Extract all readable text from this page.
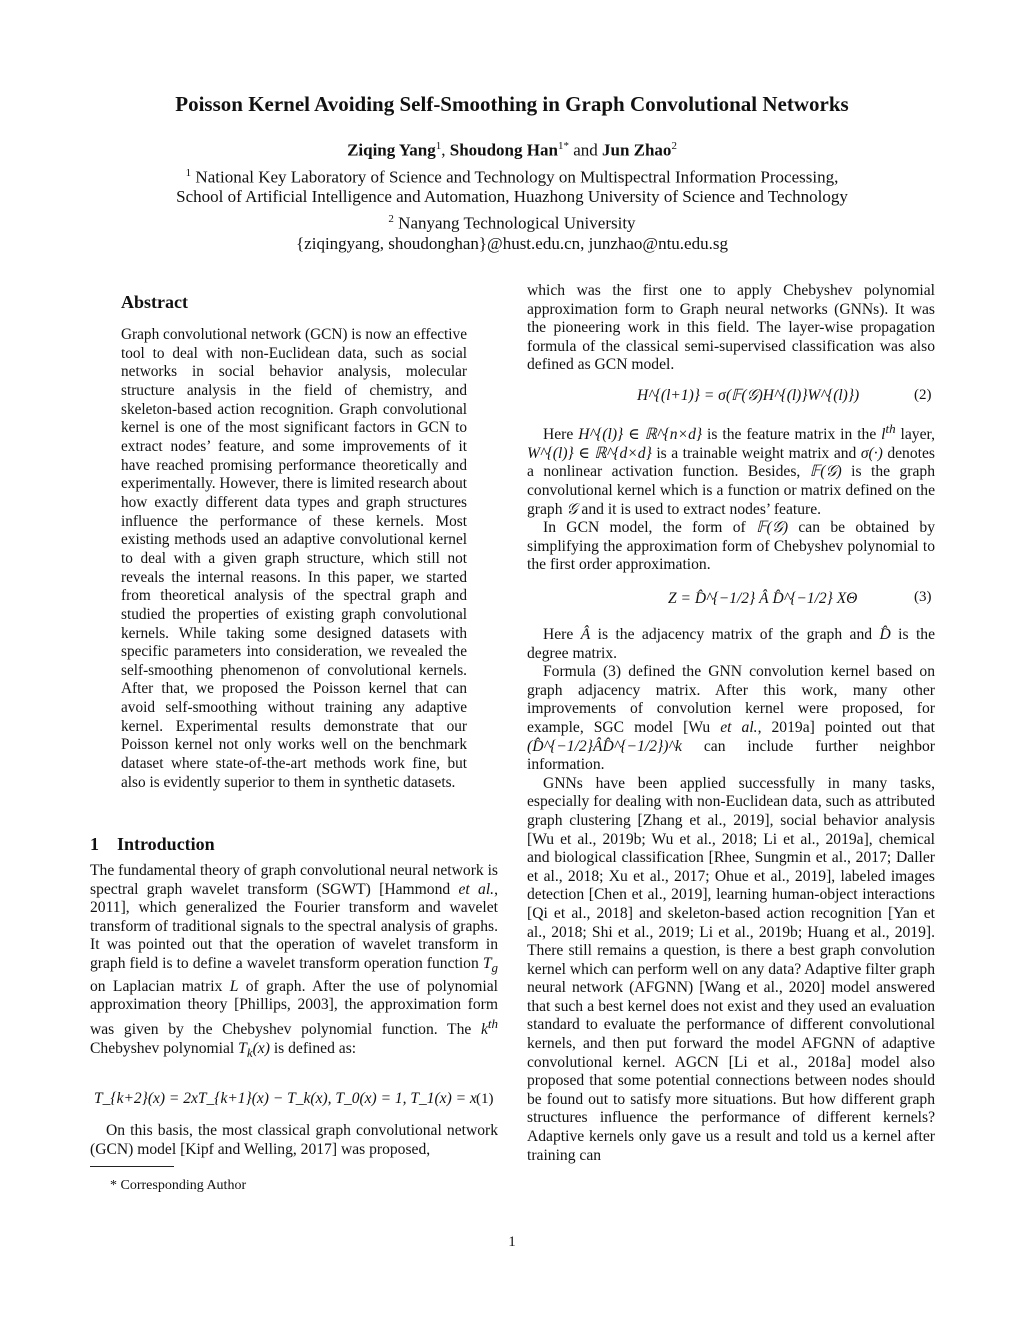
Poisson Kernel Avoiding Self-Smoothing in Graph Convolutional Networks
Ziqing Yang$^1$, Shoudong Han$^{1*}$ and Jun Zhao$^2$
$^1$ National Key Laboratory of Science and Technology on Multispectral Information Processing,
School of Artificial Intelligence and Automation, Huazhong University of Science and Technology
$^2$ Nanyang Technological University
{ziqingyang, shoudonghan}@hust.edu.cn, junzhao@ntu.edu.sg
Abstract

Graph convolutional network (GCN) is now an effective tool to deal with non-Euclidean data, such as social networks in social behavior analysis, molecular structure analysis in the field of chemistry, and skeleton-based action recognition. Graph convolutional kernel is one of the most significant factors in GCN to extract nodes’ feature, and some improvements of it have reached promising performance theoretically and experimentally. However, there is limited research about how exactly different data types and graph structures influence the performance of these kernels. Most existing methods used an adaptive convolutional kernel to deal with a given graph structure, which still not reveals the internal reasons. In this paper, we started from theoretical analysis of the spectral graph and studied the properties of existing graph convolutional kernels. While taking some designed datasets with specific parameters into consideration, we revealed the self-smoothing phenomenon of convolutional kernels. After that, we proposed the Poisson kernel that can avoid self-smoothing without training any adaptive kernel. Experimental results demonstrate that our Poisson kernel not only works well on the benchmark dataset where state-of-the-art methods work fine, but also is evidently superior to them in synthetic datasets.

1 Introduction

The fundamental theory of graph convolutional neural network is spectral graph wavelet transform (SGWT) [Hammond et al., 2011], which generalized the Fourier transform and wavelet transform of traditional signals to the spectral analysis of graphs. It was pointed out that the operation of wavelet transform in graph field is to define a wavelet transform operation function $T_g$ on Laplacian matrix L of graph. After the use of polynomial approximation theory [Phillips, 2003], the approximation form was given by the Chebyshev polynomial function. The $k^{th}$ Chebyshev polynomial $T_k(x)$ is defined as:

T_{k+2}(x) = 2xT_{k+1}(x) − T_k(x), T_0(x) = 1, T_1(x) = x (1)

On this basis, the most classical graph convolutional network (GCN) model [Kipf and Welling, 2017] was proposed,

* Corresponding Author

which was the first one to apply Chebyshev polynomial approximation form to Graph neural networks (GNNs). It was the pioneering work in this field. The layer-wise propagation formula of the classical semi-supervised classification was also defined as GCN model.

H^{(l+1)} = σ(𝔽(𝒢)H^{(l)}W^{(l)})	(2)

Here H^{(l)} ∈ ℝ^{n×d} is the feature matrix in the $l^{th}$ layer, W^{(l)} ∈ ℝ^{d×d} is a trainable weight matrix and σ(·) denotes a nonlinear activation function. Besides, 𝔽(𝒢) is the graph convolutional kernel which is a function or matrix defined on the graph 𝒢 and it is used to extract nodes’ feature.

In GCN model, the form of 𝔽(𝒢) can be obtained by simplifying the approximation form of Chebyshev polynomial to the first order approximation.

Z = D̂^{−1/2} Â D̂^{−1/2} XΘ	(3)

Here Â is the adjacency matrix of the graph and D̂ is the degree matrix.

Formula (3) defined the GNN convolution kernel based on graph adjacency matrix. After this work, many other improvements of convolution kernel were proposed, for example, SGC model [Wu et al., 2019a] pointed out that (D̂^{−1/2}ÂD̂^{−1/2})^k can include further neighbor information.

GNNs have been applied successfully in many tasks, especially for dealing with non-Euclidean data, such as attributed graph clustering [Zhang et al., 2019], social behavior analysis [Wu et al., 2019b; Wu et al., 2018; Li et al., 2019a], chemical and biological classification [Rhee, Sungmin et al., 2017; Daller et al., 2018; Xu et al., 2017; Ohue et al., 2019], labeled images detection [Chen et al., 2019], learning human-object interactions [Qi et al., 2018] and skeleton-based action recognition [Yan et al., 2018; Shi et al., 2019; Li et al., 2019b; Huang et al., 2019]. There still remains a question, is there a best graph convolution kernel which can perform well on any data? Adaptive filter graph neural network (AFGNN) [Wang et al., 2020] model answered that such a best kernel does not exist and they used an evaluation standard to evaluate the performance of different convolutional kernels, and then put forward the model AFGNN of adaptive convolutional kernel. AGCN [Li et al., 2018a] model also proposed that some potential connections between nodes should be found out to satisfy more situations. But how different graph structures influence the performance of different kernels? Adaptive kernels only gave us a result and told us a kernel after training can

1
